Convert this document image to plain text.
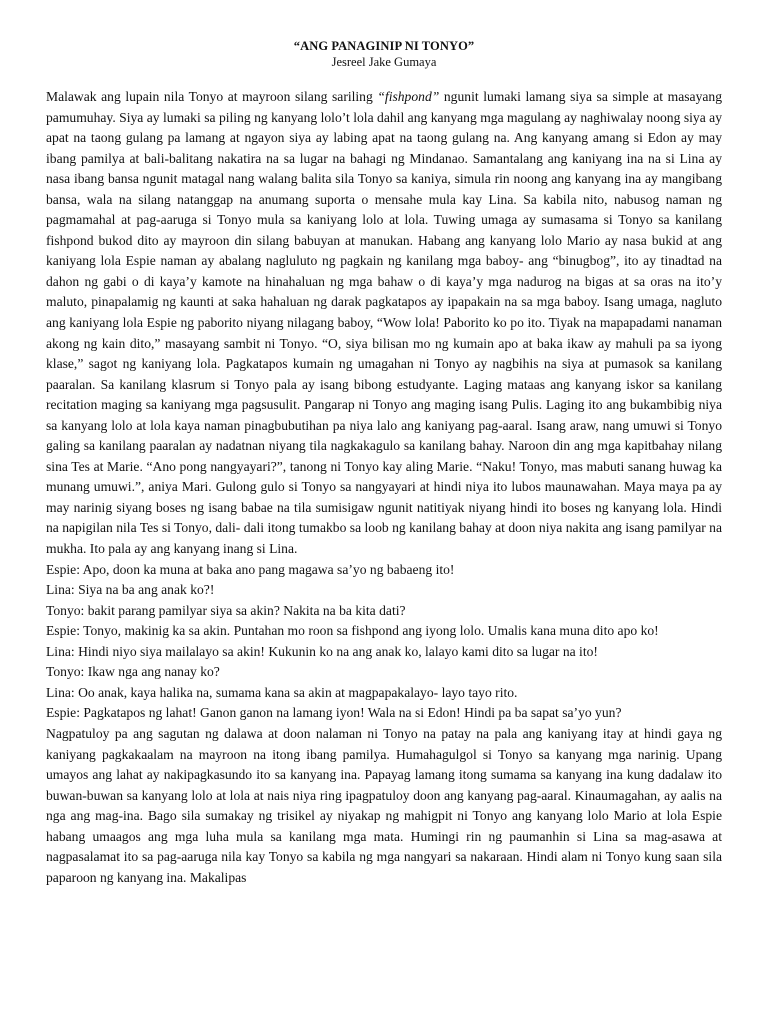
“ANG PANAGINIP NI TONYO”

Jesreel Jake Gumaya

Malawak ang lupain nila Tonyo at mayroon silang sariling “fishpond” ngunit lumaki lamang siya sa simple at masayang pamumuhay. Siya ay lumaki sa piling ng kanyang lolo’t lola dahil ang kanyang mga magulang ay naghiwalay noong siya ay apat na taong gulang pa lamang at ngayon siya ay labing apat na taong gulang na. Ang kanyang amang si Edon ay may ibang pamilya at bali-balitang nakatira na sa lugar na bahagi ng Mindanao. Samantalang ang kaniyang ina na si Lina ay nasa ibang bansa ngunit matagal nang walang balita sila Tonyo sa kaniya, simula rin noong ang kanyang ina ay mangibang bansa, wala na silang natanggap na anumang suporta o mensahe mula kay Lina. Sa kabila nito, nabusog naman ng pagmamahal at pag-aaruga si Tonyo mula sa kaniyang lolo at lola. Tuwing umaga ay sumasama si Tonyo sa kanilang fishpond bukod dito ay mayroon din silang babuyan at manukan. Habang ang kanyang lolo Mario ay nasa bukid at ang kaniyang lola Espie naman ay abalang nagluluto ng pagkain ng kanilang mga baboy- ang “binugbog”, ito ay tinadtad na dahon ng gabi o di kaya’y kamote na hinahaluan ng mga bahaw o di kaya’y mga nadurog na bigas at sa oras na ito’y maluto, pinapalamig ng kaunti at saka hahaluan ng darak pagkatapos ay ipapakain na sa mga baboy. Isang umaga, nagluto ang kaniyang lola Espie ng paborito niyang nilagang baboy, “Wow lola! Paborito ko po ito. Tiyak na mapapadami nanaman akong ng kain dito,” masayang sambit ni Tonyo. “O, siya bilisan mo ng kumain apo at baka ikaw ay mahuli pa sa iyong klase,” sagot ng kaniyang lola. Pagkatapos kumain ng umagahan ni Tonyo ay nagbihis na siya at pumasok sa kanilang paaralan. Sa kanilang klasrum si Tonyo pala ay isang bibong estudyante. Laging mataas ang kanyang iskor sa kanilang recitation maging sa kaniyang mga pagsusulit. Pangarap ni Tonyo ang maging isang Pulis. Laging ito ang bukambibig niya sa kanyang lolo at lola kaya naman pinagbubutihan pa niya lalo ang kaniyang pag-aaral. Isang araw, nang umuwi si Tonyo galing sa kanilang paaralan ay nadatnan niyang tila nagkakagulo sa kanilang bahay. Naroon din ang mga kapitbahay nilang sina Tes at Marie. “Ano pong nangyayari?”, tanong ni Tonyo kay aling Marie. “Naku! Tonyo, mas mabuti sanang huwag ka munang umuwi.”, aniya Mari. Gulong gulo si Tonyo sa nangyayari at hindi niya ito lubos maunawahan. Maya maya pa ay may narinig siyang boses ng isang babae na tila sumisigaw ngunit natitiyak niyang hindi ito boses ng kanyang lola. Hindi na napigilan nila Tes si Tonyo, dali- dali itong tumakbo sa loob ng kanilang bahay at doon niya nakita ang isang pamilyar na mukha. Ito pala ay ang kanyang inang si Lina.

Espie: Apo, doon ka muna at baka ano pang magawa sa’yo ng babaeng ito!

Lina: Siya na ba ang anak ko?!

Tonyo: bakit parang pamilyar siya sa akin? Nakita na ba kita dati?

Espie: Tonyo, makinig ka sa akin. Puntahan mo roon sa fishpond ang iyong lolo. Umalis kana muna dito apo ko!

Lina: Hindi niyo siya mailalayo sa akin! Kukunin ko na ang anak ko, lalayo kami dito sa lugar na ito!

Tonyo: Ikaw nga ang nanay ko?

Lina: Oo anak, kaya halika na, sumama kana sa akin at magpapakalayo- layo tayo rito.

Espie: Pagkatapos ng lahat! Ganon ganon na lamang iyon! Wala na si Edon! Hindi pa ba sapat sa’yo yun?

Nagpatuloy pa ang sagutan ng dalawa at doon nalaman ni Tonyo na patay na pala ang kaniyang itay at hindi gaya ng kaniyang pagkakaalam na mayroon na itong ibang pamilya. Humahagulgol si Tonyo sa kanyang mga narinig. Upang umayos ang lahat ay nakipagkasundo ito sa kanyang ina. Papayag lamang itong sumama sa kanyang ina kung dadalaw ito buwan-buwan sa kanyang lolo at lola at nais niya ring ipagpatuloy doon ang kanyang pag-aaral. Kinaumagahan, ay aalis na nga ang mag-ina. Bago sila sumakay ng trisikel ay niyakap ng mahigpit ni Tonyo ang kanyang lolo Mario at lola Espie habang umaagos ang mga luha mula sa kanilang mga mata. Humingi rin ng paumanhin si Lina sa mag-asawa at nagpasalamat ito sa pag-aaruga nila kay Tonyo sa kabila ng mga nangyari sa nakaraan. Hindi alam ni Tonyo kung saan sila paparoon ng kanyang ina. Makalipas
